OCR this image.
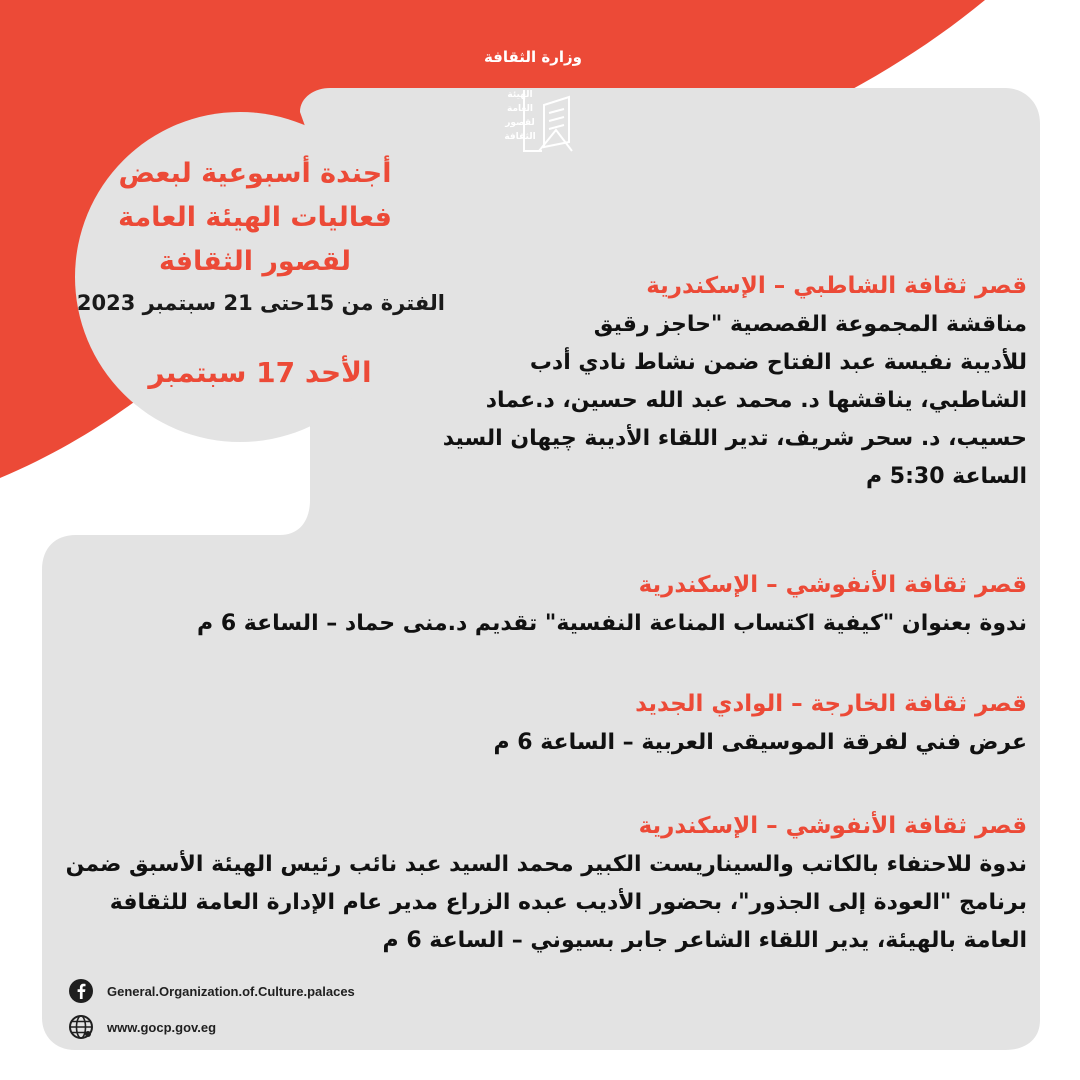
وزارة الثقافة
الهيئة
العامة
لقصور
الثقافة
أجندة أسبوعية لبعض
فعاليات الهيئة العامة
لقصور الثقافة
الفترة من 15حتى 21 سبتمبر 2023
الأحد 17 سبتمبر
قصر ثقافة الشاطبي – الإسكندرية
مناقشة المجموعة القصصية "حاجز رقيق
للأديبة نفيسة عبد الفتاح ضمن نشاط نادي أدب
الشاطبي، يناقشها د. محمد عبد الله حسين، د.عماد
حسيب، د. سحر شريف، تدير اللقاء الأديبة چيهان السيد
الساعة 5:30 م
قصر ثقافة الأنفوشي – الإسكندرية
ندوة بعنوان "كيفية اكتساب المناعة النفسية" تقديم د.منى حماد – الساعة 6 م
قصر ثقافة الخارجة – الوادي الجديد
عرض فني لفرقة الموسيقى العربية – الساعة 6 م
قصر ثقافة الأنفوشي – الإسكندرية
ندوة للاحتفاء بالكاتب والسيناريست الكبير محمد السيد عبد نائب رئيس الهيئة الأسبق ضمن
برنامج "العودة إلى الجذور"، بحضور الأديب عبده الزراع مدير عام الإدارة العامة للثقافة
العامة بالهيئة، يدير اللقاء الشاعر جابر بسيوني – الساعة 6 م
General.Organization.of.Culture.palaces
www.gocp.gov.eg
